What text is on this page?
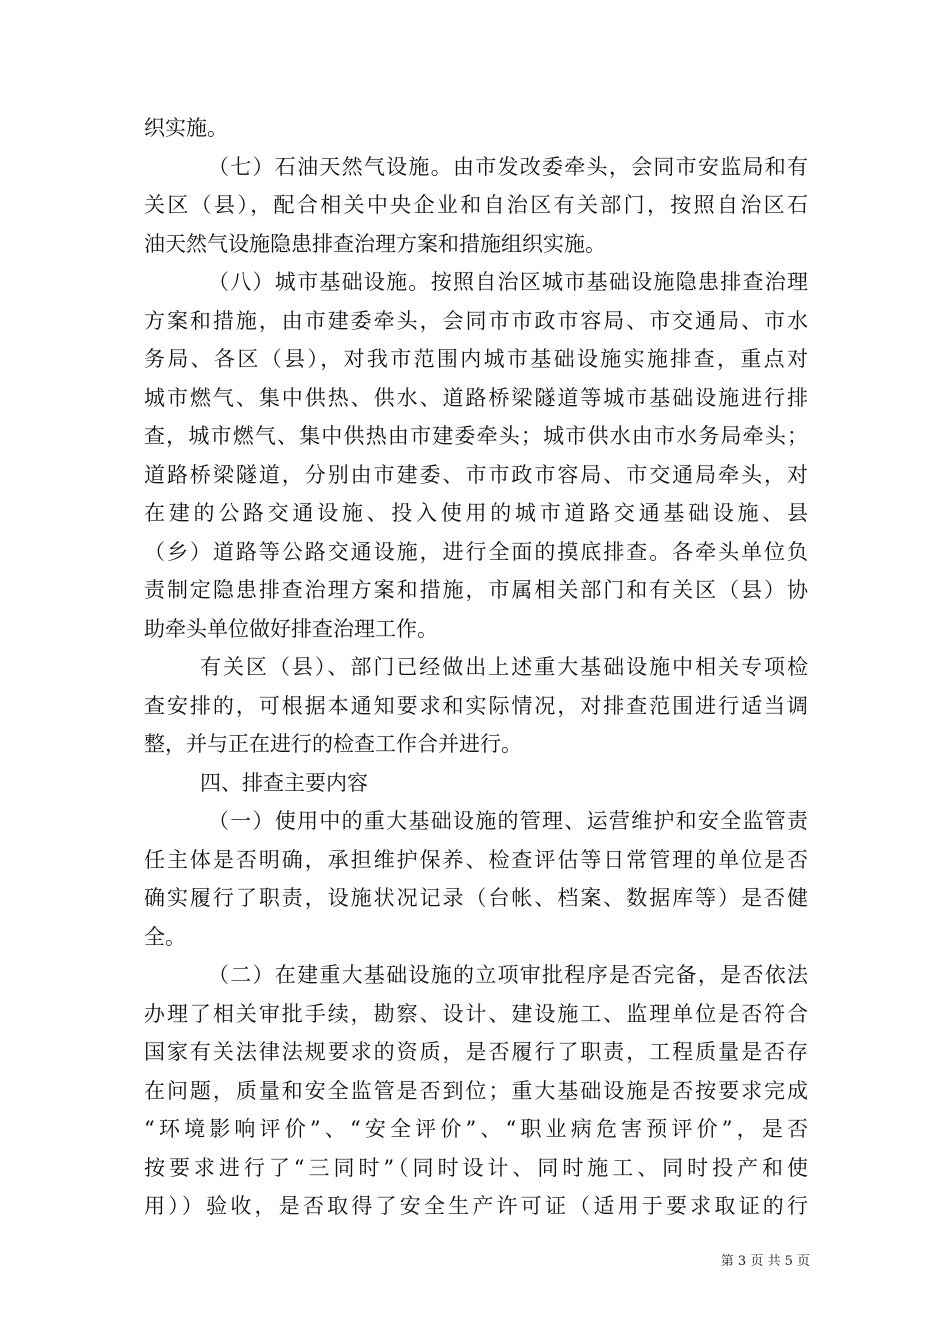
织实施。
（七）石油天然气设施。由市发改委牵头，会同市安监局和有
关区（县），配合相关中央企业和自治区有关部门，按照自治区石
油天然气设施隐患排查治理方案和措施组织实施。
（八）城市基础设施。按照自治区城市基础设施隐患排查治理
方案和措施，由市建委牵头，会同市市政市容局、市交通局、市水
务局、各区（县），对我市范围内城市基础设施实施排查，重点对
城市燃气、集中供热、供水、道路桥梁隧道等城市基础设施进行排
查，城市燃气、集中供热由市建委牵头；城市供水由市水务局牵头；
道路桥梁隧道，分别由市建委、市市政市容局、市交通局牵头，对
在建的公路交通设施、投入使用的城市道路交通基础设施、县
（乡）道路等公路交通设施，进行全面的摸底排查。各牵头单位负
责制定隐患排查治理方案和措施，市属相关部门和有关区（县）协
助牵头单位做好排查治理工作。
有关区（县）、部门已经做出上述重大基础设施中相关专项检
查安排的，可根据本通知要求和实际情况，对排查范围进行适当调
整，并与正在进行的检查工作合并进行。
四、排查主要内容
（一）使用中的重大基础设施的管理、运营维护和安全监管责
任主体是否明确，承担维护保养、检查评估等日常管理的单位是否
确实履行了职责，设施状况记录（台帐、档案、数据库等）是否健
全。
（二）在建重大基础设施的立项审批程序是否完备，是否依法
办理了相关审批手续，勘察、设计、建设施工、监理单位是否符合
国家有关法律法规要求的资质，是否履行了职责，工程质量是否存
在问题，质量和安全监管是否到位；重大基础设施是否按要求完成
“环境影响评价”、“安全评价”、“职业病危害预评价”，是否
按要求进行了“三同时”（同时设计、同时施工、同时投产和使
用））验收，是否取得了安全生产许可证（适用于要求取证的行
第 3 页 共 5 页
